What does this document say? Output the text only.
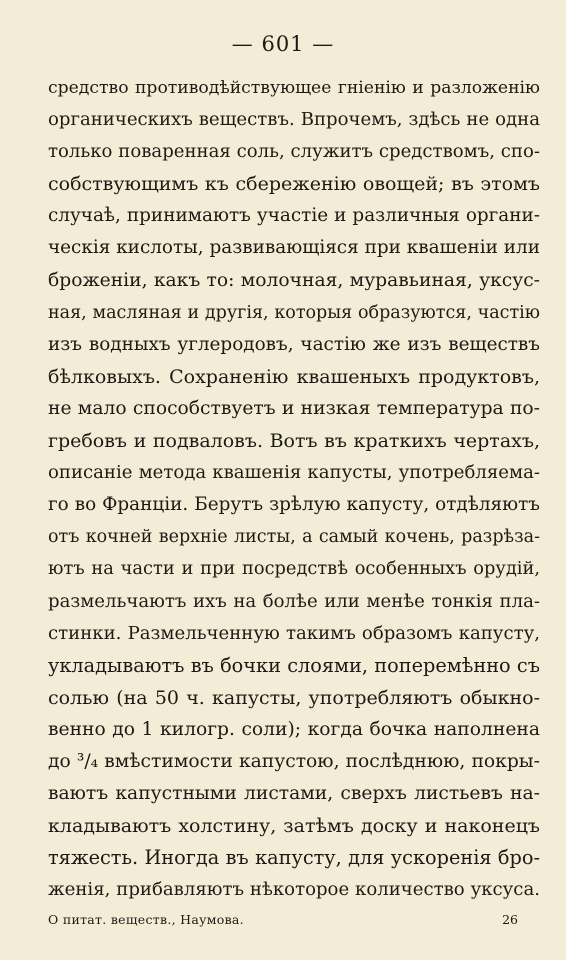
— 601 —
средство противодѣйствующее гніенію и разложенію
органическихъ веществъ. Впрочемъ, здѣсь не одна
только поваренная соль, служитъ средствомъ, спо-
собствующимъ къ сбереженію овощей; въ этомъ
случаѣ, принимаютъ участіе и различныя органи-
ческія кислоты, развивающіяся при квашеніи или
броженіи, какъ то: молочная, муравьиная, уксус-
ная, масляная и другія, которыя образуются, частію
изъ водныхъ углеродовъ, частію же изъ веществъ
бѣлковыхъ. Сохраненію квашеныхъ продуктовъ,
не мало способствуетъ и низкая температура по-
гребовъ и подваловъ. Вотъ въ краткихъ чертахъ,
описаніе метода квашенія капусты, употребляема-
го во Франціи. Берутъ зрѣлую капусту, отдѣляютъ
отъ кочней верхніе листы, а самый кочень, разрѣза-
ютъ на части и при посредствѣ особенныхъ орудій,
размельчаютъ ихъ на болѣе или менѣе тонкія пла-
стинки. Размельченную такимъ образомъ капусту,
укладываютъ въ бочки слоями, поперемѣнно съ
солью (на 50 ч. капусты, употребляютъ обыкно-
венно до 1 килогр. соли); когда бочка наполнена
до ³/₄ вмѣстимости капустою, послѣднюю, покры-
ваютъ капустными листами, сверхъ листьевъ на-
кладываютъ холстину, затѣмъ доску и наконецъ
тяжесть. Иногда въ капусту, для ускоренія бро-
женія, прибавляютъ нѣкоторое количество уксуса.
О питат. веществ., Наумова.	26
